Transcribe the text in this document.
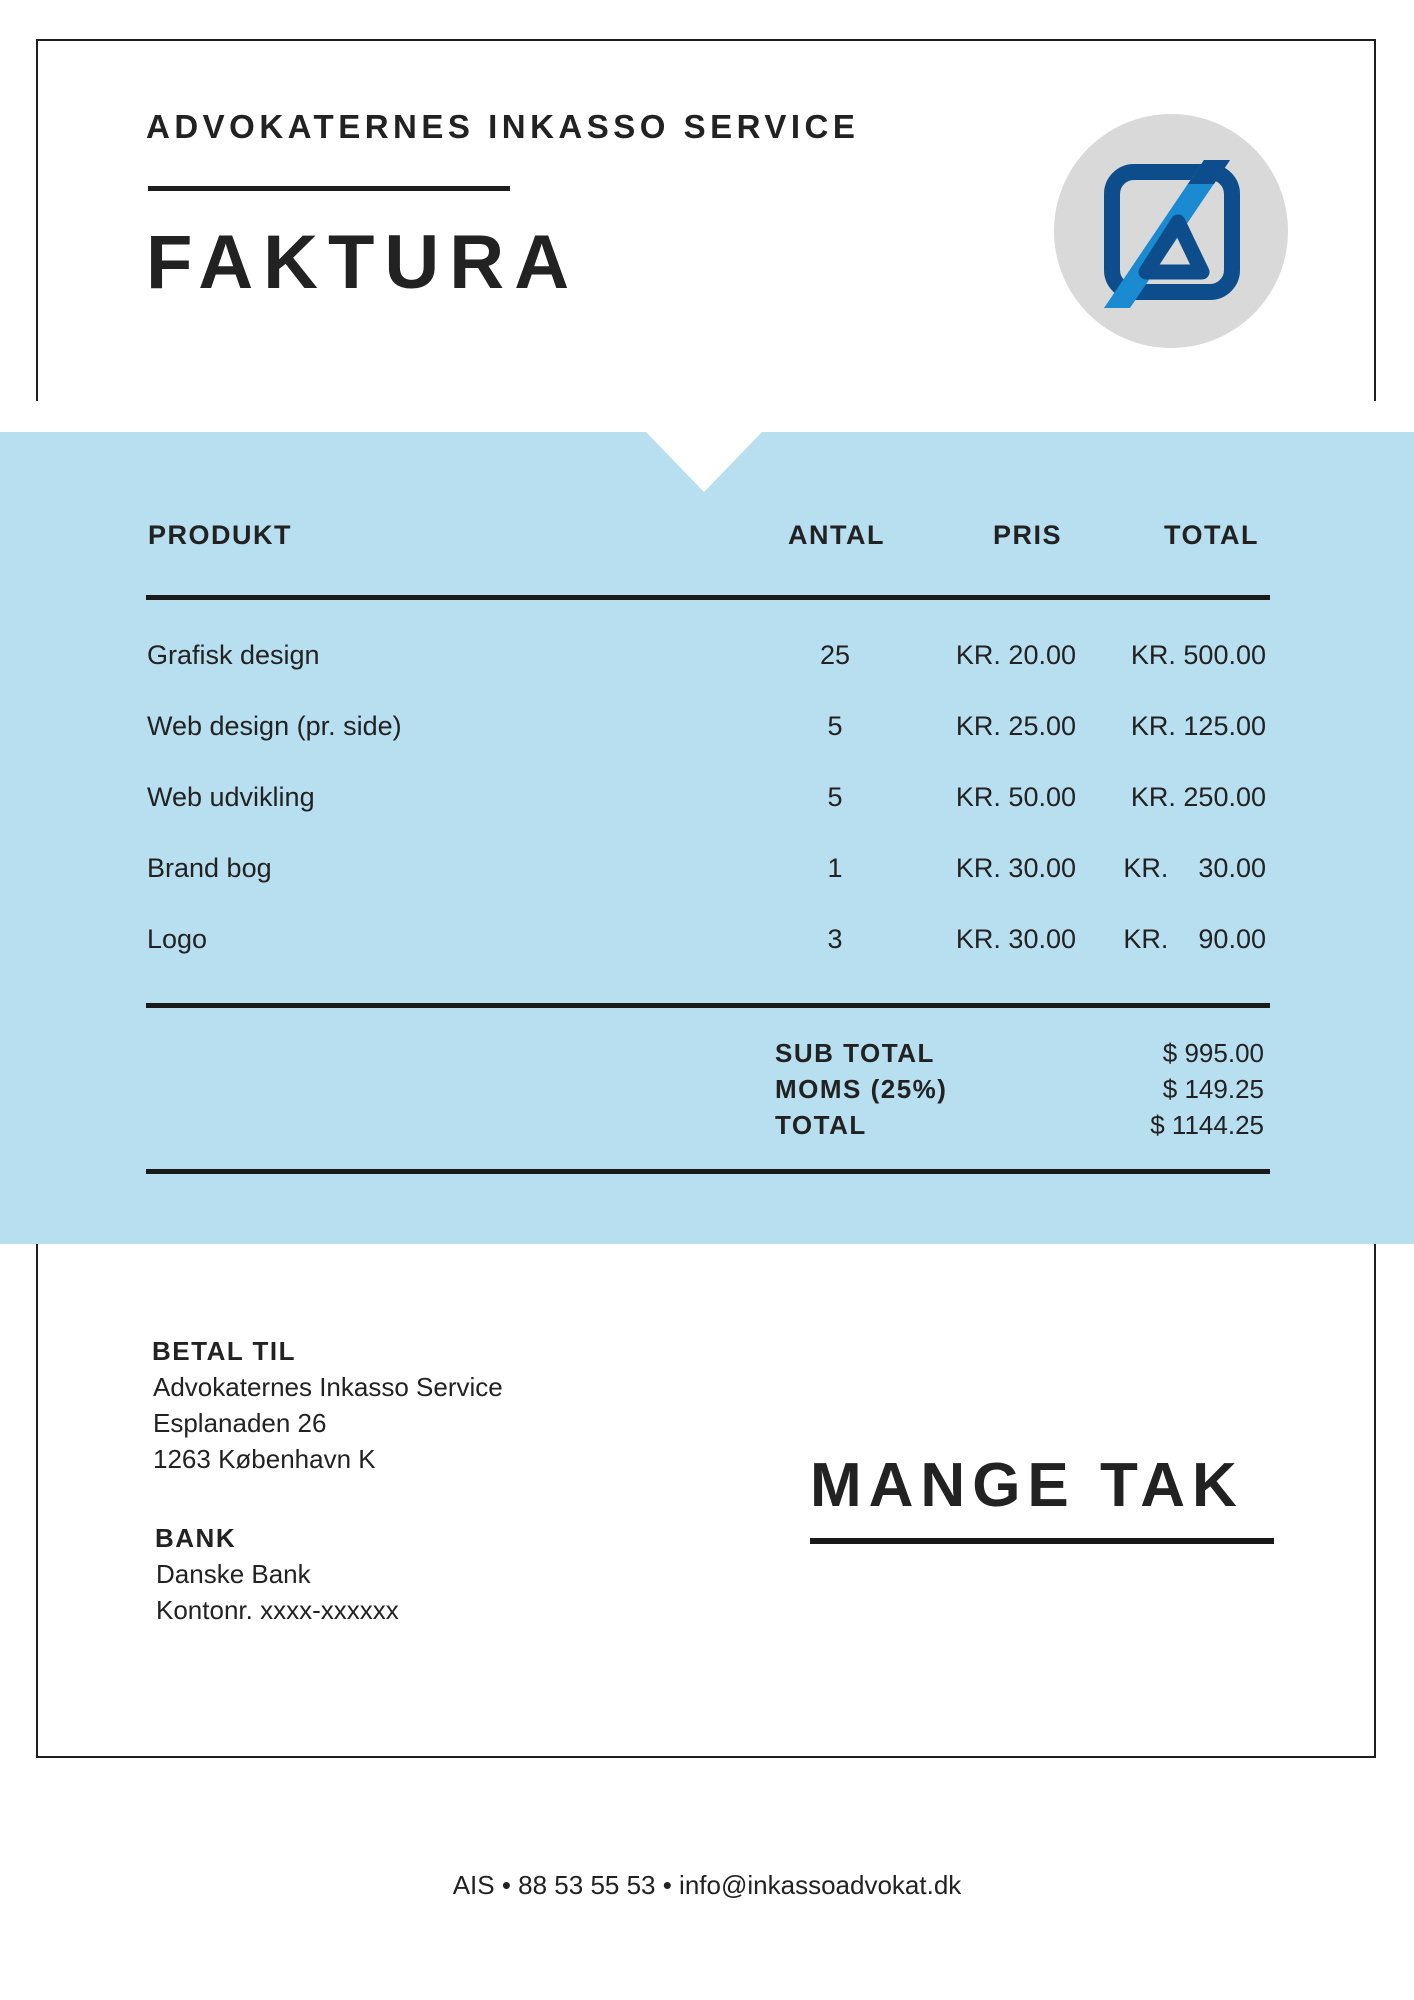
ADVOKATERNES INKASSO SERVICE
FAKTURA
PRODUKT	ANTAL	PRIS	TOTAL
Grafisk design	25	KR. 20.00	KR. 500.00
Web design (pr. side)	5	KR. 25.00	KR. 125.00
Web udvikling	5	KR. 50.00	KR. 250.00
Brand bog	1	KR. 30.00	KR.    30.00
Logo	3	KR. 30.00	KR.    90.00
SUB TOTAL	$ 995.00
MOMS (25%)	$ 149.25
TOTAL	$ 1144.25
BETAL TIL
Advokaternes Inkasso Service
Esplanaden 26
1263 København K
BANK
Danske Bank
Kontonr. xxxx-xxxxxx
MANGE TAK
AIS • 88 53 55 53 • info@inkassoadvokat.dk
